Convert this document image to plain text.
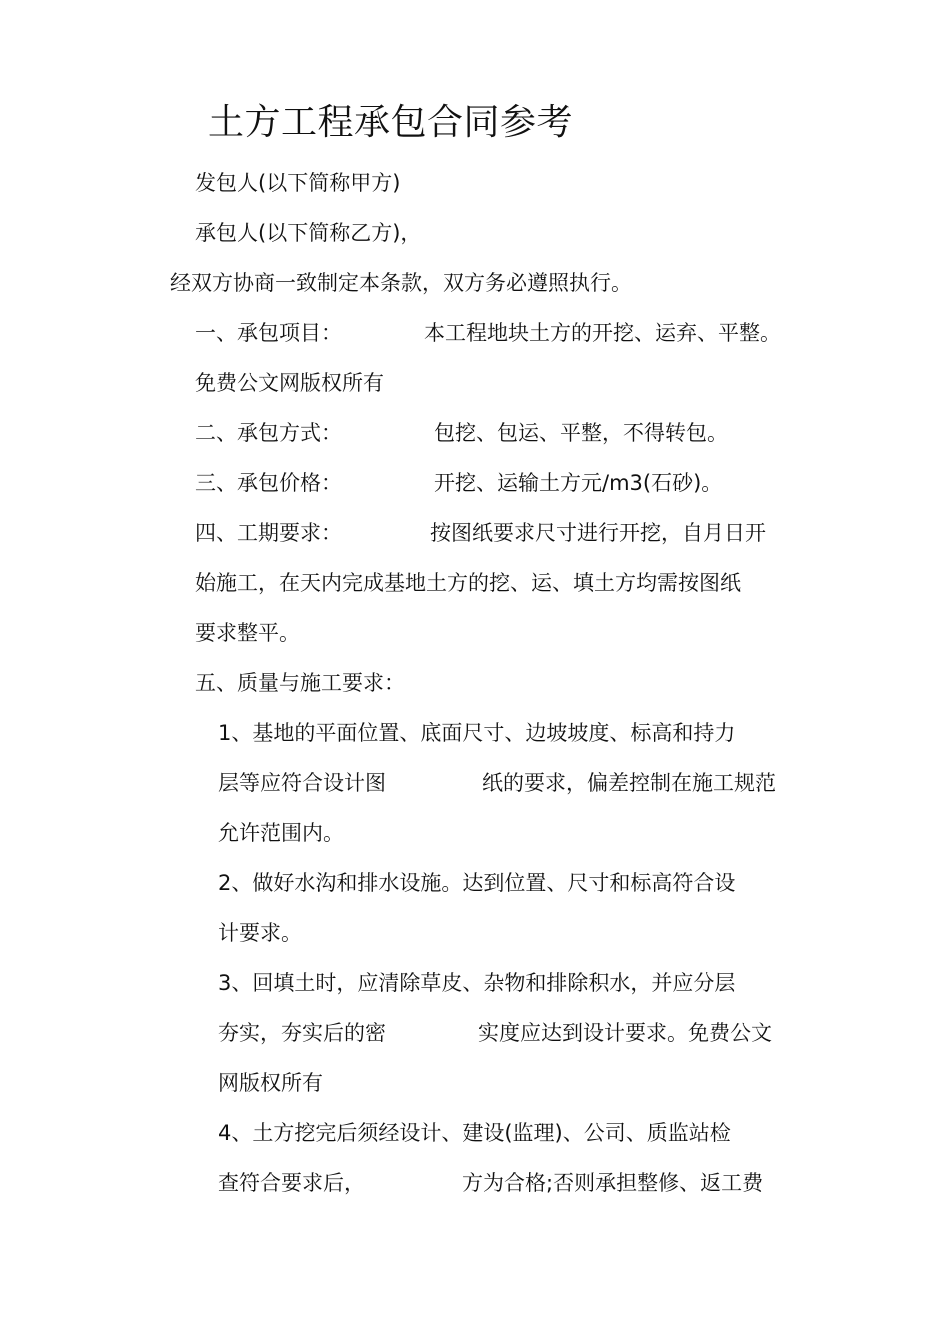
土方工程承包合同参考
发包人(以下简称甲方)
承包人(以下简称乙方)，
经双方协商一致制定本条款，双方务必遵照执行。
一、承包项目：	本工程地块土方的开挖、运弃、平整。
免费公文网版权所有
二、承包方式：	包挖、包运、平整，不得转包。
三、承包价格：	开挖、运输土方元/m3(石砂)。
四、工期要求：	按图纸要求尺寸进行开挖，自月日开
始施工，在天内完成基地土方的挖、运、填土方均需按图纸
要求整平。
五、质量与施工要求：
1、基地的平面位置、底面尺寸、边坡坡度、标高和持力
层等应符合设计图	纸的要求，偏差控制在施工规范
允许范围内。
2、做好水沟和排水设施。达到位置、尺寸和标高符合设
计要求。
3、回填土时，应清除草皮、杂物和排除积水，并应分层
夯实，夯实后的密	实度应达到设计要求。免费公文
网版权所有
4、土方挖完后须经设计、建设(监理)、公司、质监站检
查符合要求后，	方为合格;否则承担整修、返工费
